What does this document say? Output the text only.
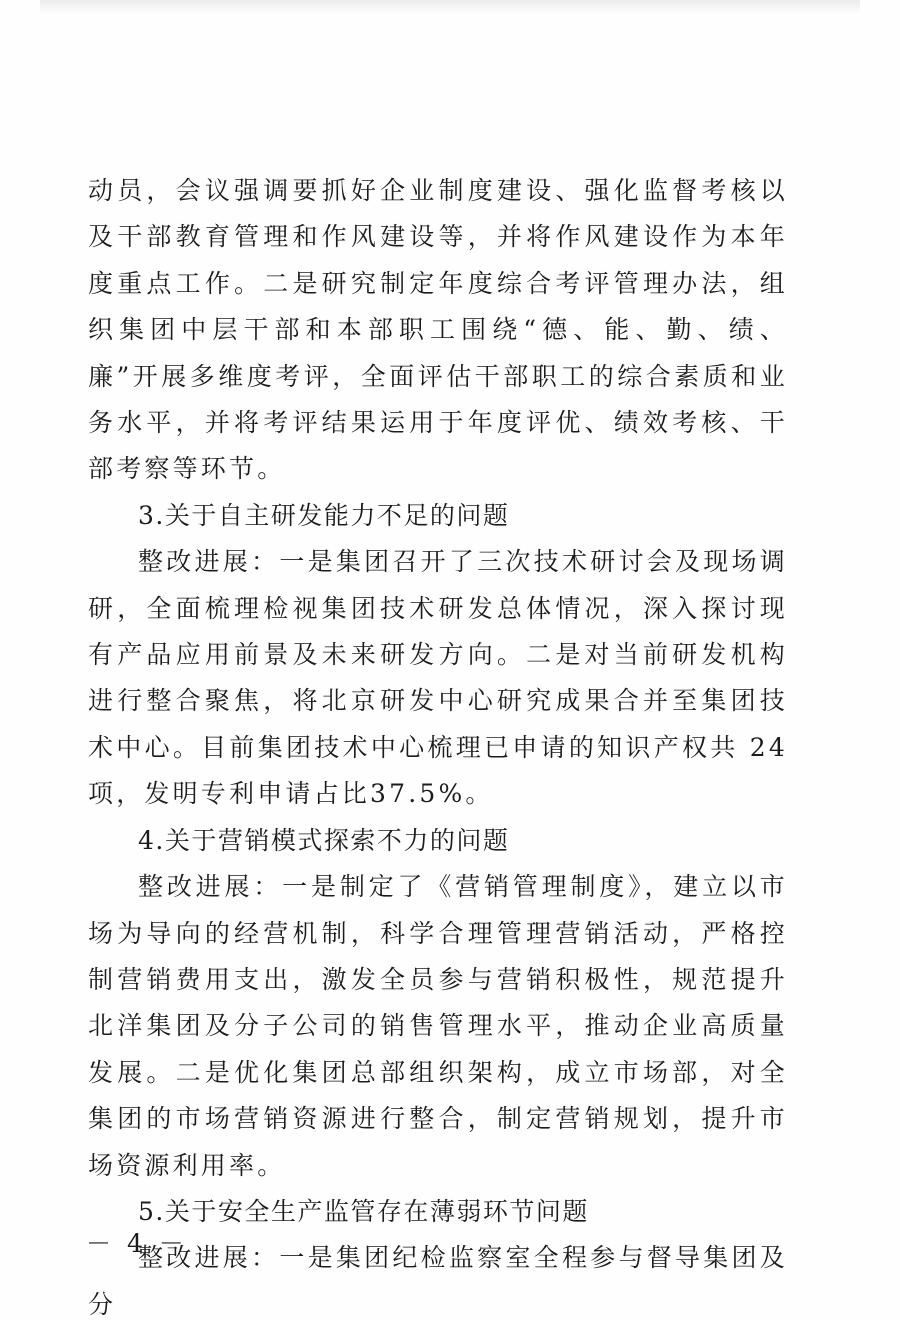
动员，会议强调要抓好企业制度建设、强化监督考核以及干部教育管理和作风建设等，并将作风建设作为本年度重点工作。二是研究制定年度综合考评管理办法，组织集团中层干部和本部职工围绕“德、能、勤、绩、廉”开展多维度考评，全面评估干部职工的综合素质和业务水平，并将考评结果运用于年度评优、绩效考核、干部考察等环节。

3.关于自主研发能力不足的问题

整改进展：一是集团召开了三次技术研讨会及现场调研，全面梳理检视集团技术研发总体情况，深入探讨现有产品应用前景及未来研发方向。二是对当前研发机构进行整合聚焦，将北京研发中心研究成果合并至集团技术中心。目前集团技术中心梳理已申请的知识产权共 24 项，发明专利申请占比37.5%。

4.关于营销模式探索不力的问题

整改进展：一是制定了《营销管理制度》，建立以市场为导向的经营机制，科学合理管理营销活动，严格控制营销费用支出，激发全员参与营销积极性，规范提升北洋集团及分子公司的销售管理水平，推动企业高质量发展。二是优化集团总部组织架构，成立市场部，对全集团的市场营销资源进行整合，制定营销规划，提升市场资源利用率。

5.关于安全生产监管存在薄弱环节问题

整改进展：一是集团纪检监察室全程参与督导集团及分

－ 4 －
